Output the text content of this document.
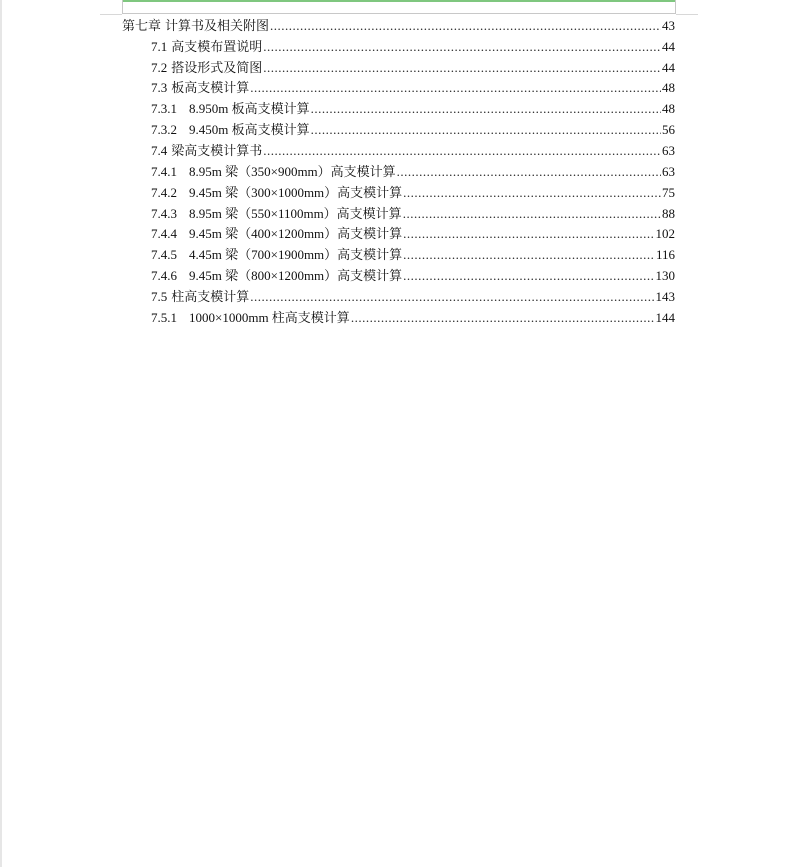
第七章 计算书及相关附图 .....	43
7.1 高支模布置说明 .....	44
7.2 搭设形式及简图 .....	44
7.3 板高支模计算 .....	48
7.3.1 8.950m 板高支模计算 .....	48
7.3.2 9.450m 板高支模计算 .....	56
7.4 梁高支模计算书 .....	63
7.4.1 8.95m 梁（350×900mm）高支模计算 .....	63
7.4.2 9.45m 梁（300×1000mm）高支模计算 .....	75
7.4.3 8.95m 梁（550×1100mm）高支模计算 .....	88
7.4.4 9.45m 梁（400×1200mm）高支模计算 .....	102
7.4.5 4.45m 梁（700×1900mm）高支模计算 .....	116
7.4.6 9.45m 梁（800×1200mm）高支模计算 .....	130
7.5 柱高支模计算 .....	143
7.5.1 1000×1000mm 柱高支模计算 .....	144
